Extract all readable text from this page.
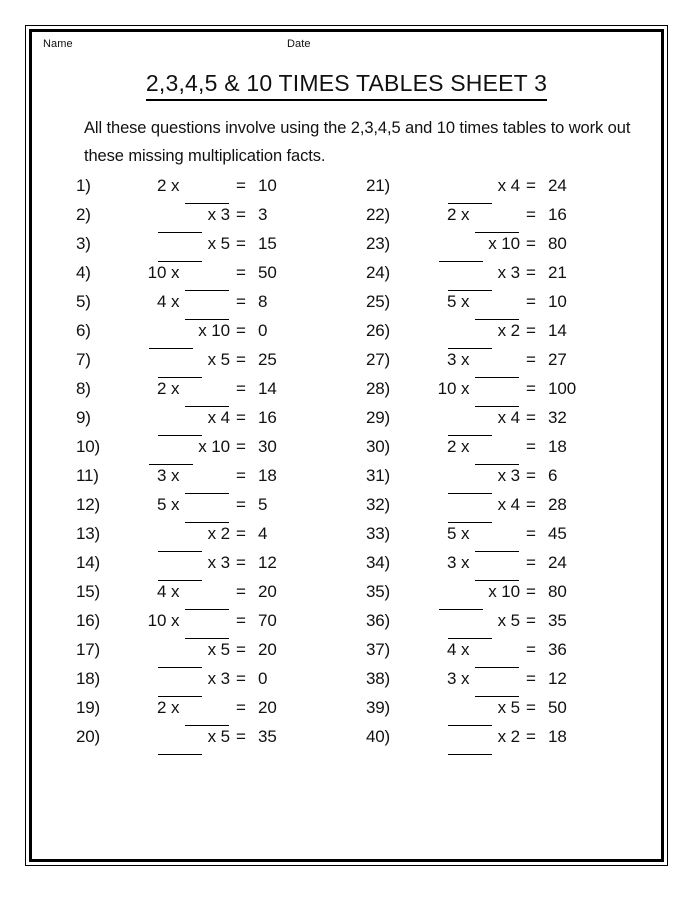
Name	Date
2,3,4,5 & 10 TIMES TABLES SHEET 3
All these questions involve using the 2,3,4,5 and 10 times tables to work out these missing multiplication facts.
1)	2 x	= 10
2)	x 3 = 3
3)	x 5 = 15
4)	10 x	= 50
5)	4 x	= 8
6)	x 10 = 0
7)	x 5 = 25
8)	2 x	= 14
9)	x 4 = 16
10)	x 10 = 30
11)	3 x	= 18
12)	5 x	= 5
13)	x 2 = 4
14)	x 3 = 12
15)	4 x	= 20
16)	10 x	= 70
17)	x 5 = 20
18)	x 3 = 0
19)	2 x	= 20
20)	x 5 = 35
21)	x 4 = 24
22)	2 x	= 16
23)	x 10 = 80
24)	x 3 = 21
25)	5 x	= 10
26)	x 2 = 14
27)	3 x	= 27
28)	10 x	= 100
29)	x 4 = 32
30)	2 x	= 18
31)	x 3 = 6
32)	x 4 = 28
33)	5 x	= 45
34)	3 x	= 24
35)	x 10 = 80
36)	x 5 = 35
37)	4 x	= 36
38)	3 x	= 12
39)	x 5 = 50
40)	x 2 = 18
